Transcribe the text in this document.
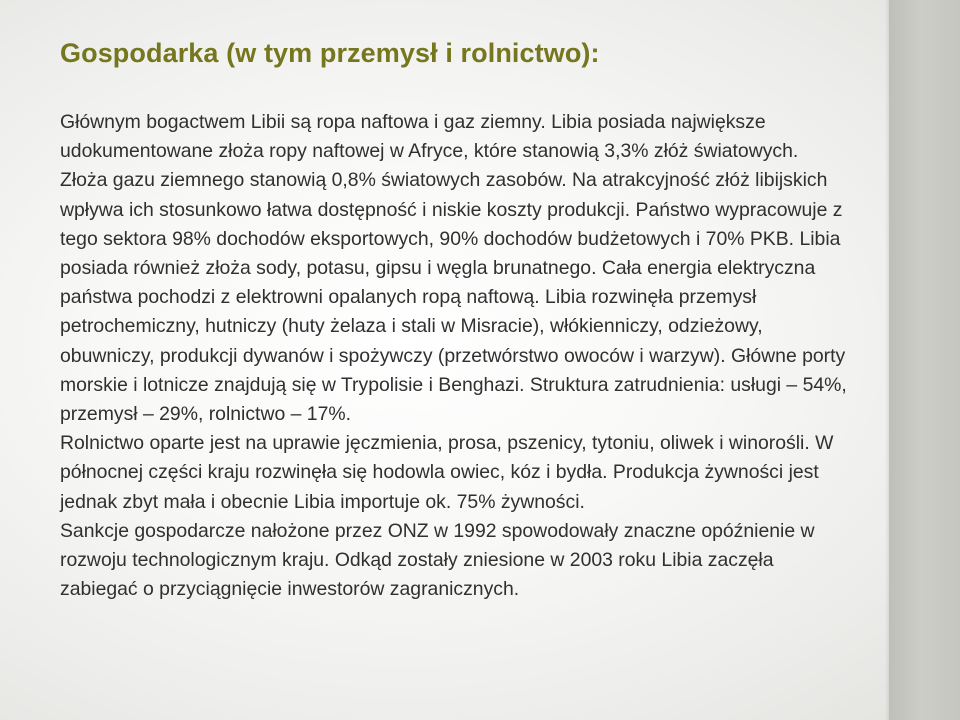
Gospodarka (w tym przemysł i rolnictwo):

Głównym bogactwem Libii są ropa naftowa i gaz ziemny. Libia posiada największe udokumentowane złoża ropy naftowej w Afryce, które stanowią 3,3% złóż światowych. Złoża gazu ziemnego stanowią 0,8% światowych zasobów. Na atrakcyjność złóż libijskich wpływa ich stosunkowo łatwa dostępność i niskie koszty produkcji. Państwo wypracowuje z tego sektora 98% dochodów eksportowych, 90% dochodów budżetowych i 70% PKB. Libia posiada również złoża sody, potasu, gipsu i węgla brunatnego. Cała energia elektryczna państwa pochodzi z elektrowni opalanych ropą naftową. Libia rozwinęła przemysł petrochemiczny, hutniczy (huty żelaza i stali w Misracie), włókienniczy, odzieżowy, obuwniczy, produkcji dywanów i spożywczy (przetwórstwo owoców i warzyw). Główne porty morskie i lotnicze znajdują się w Trypolisie i Benghazi. Struktura zatrudnienia: usługi – 54%, przemysł – 29%, rolnictwo – 17%.

Rolnictwo oparte jest na uprawie jęczmienia, prosa, pszenicy, tytoniu, oliwek i winorośli. W północnej części kraju rozwinęła się hodowla owiec, kóz i bydła. Produkcja żywności jest jednak zbyt mała i obecnie Libia importuje ok. 75% żywności.

Sankcje gospodarcze nałożone przez ONZ w 1992 spowodowały znaczne opóźnienie w rozwoju technologicznym kraju. Odkąd zostały zniesione w 2003 roku Libia zaczęła zabiegać o przyciągnięcie inwestorów zagranicznych.
